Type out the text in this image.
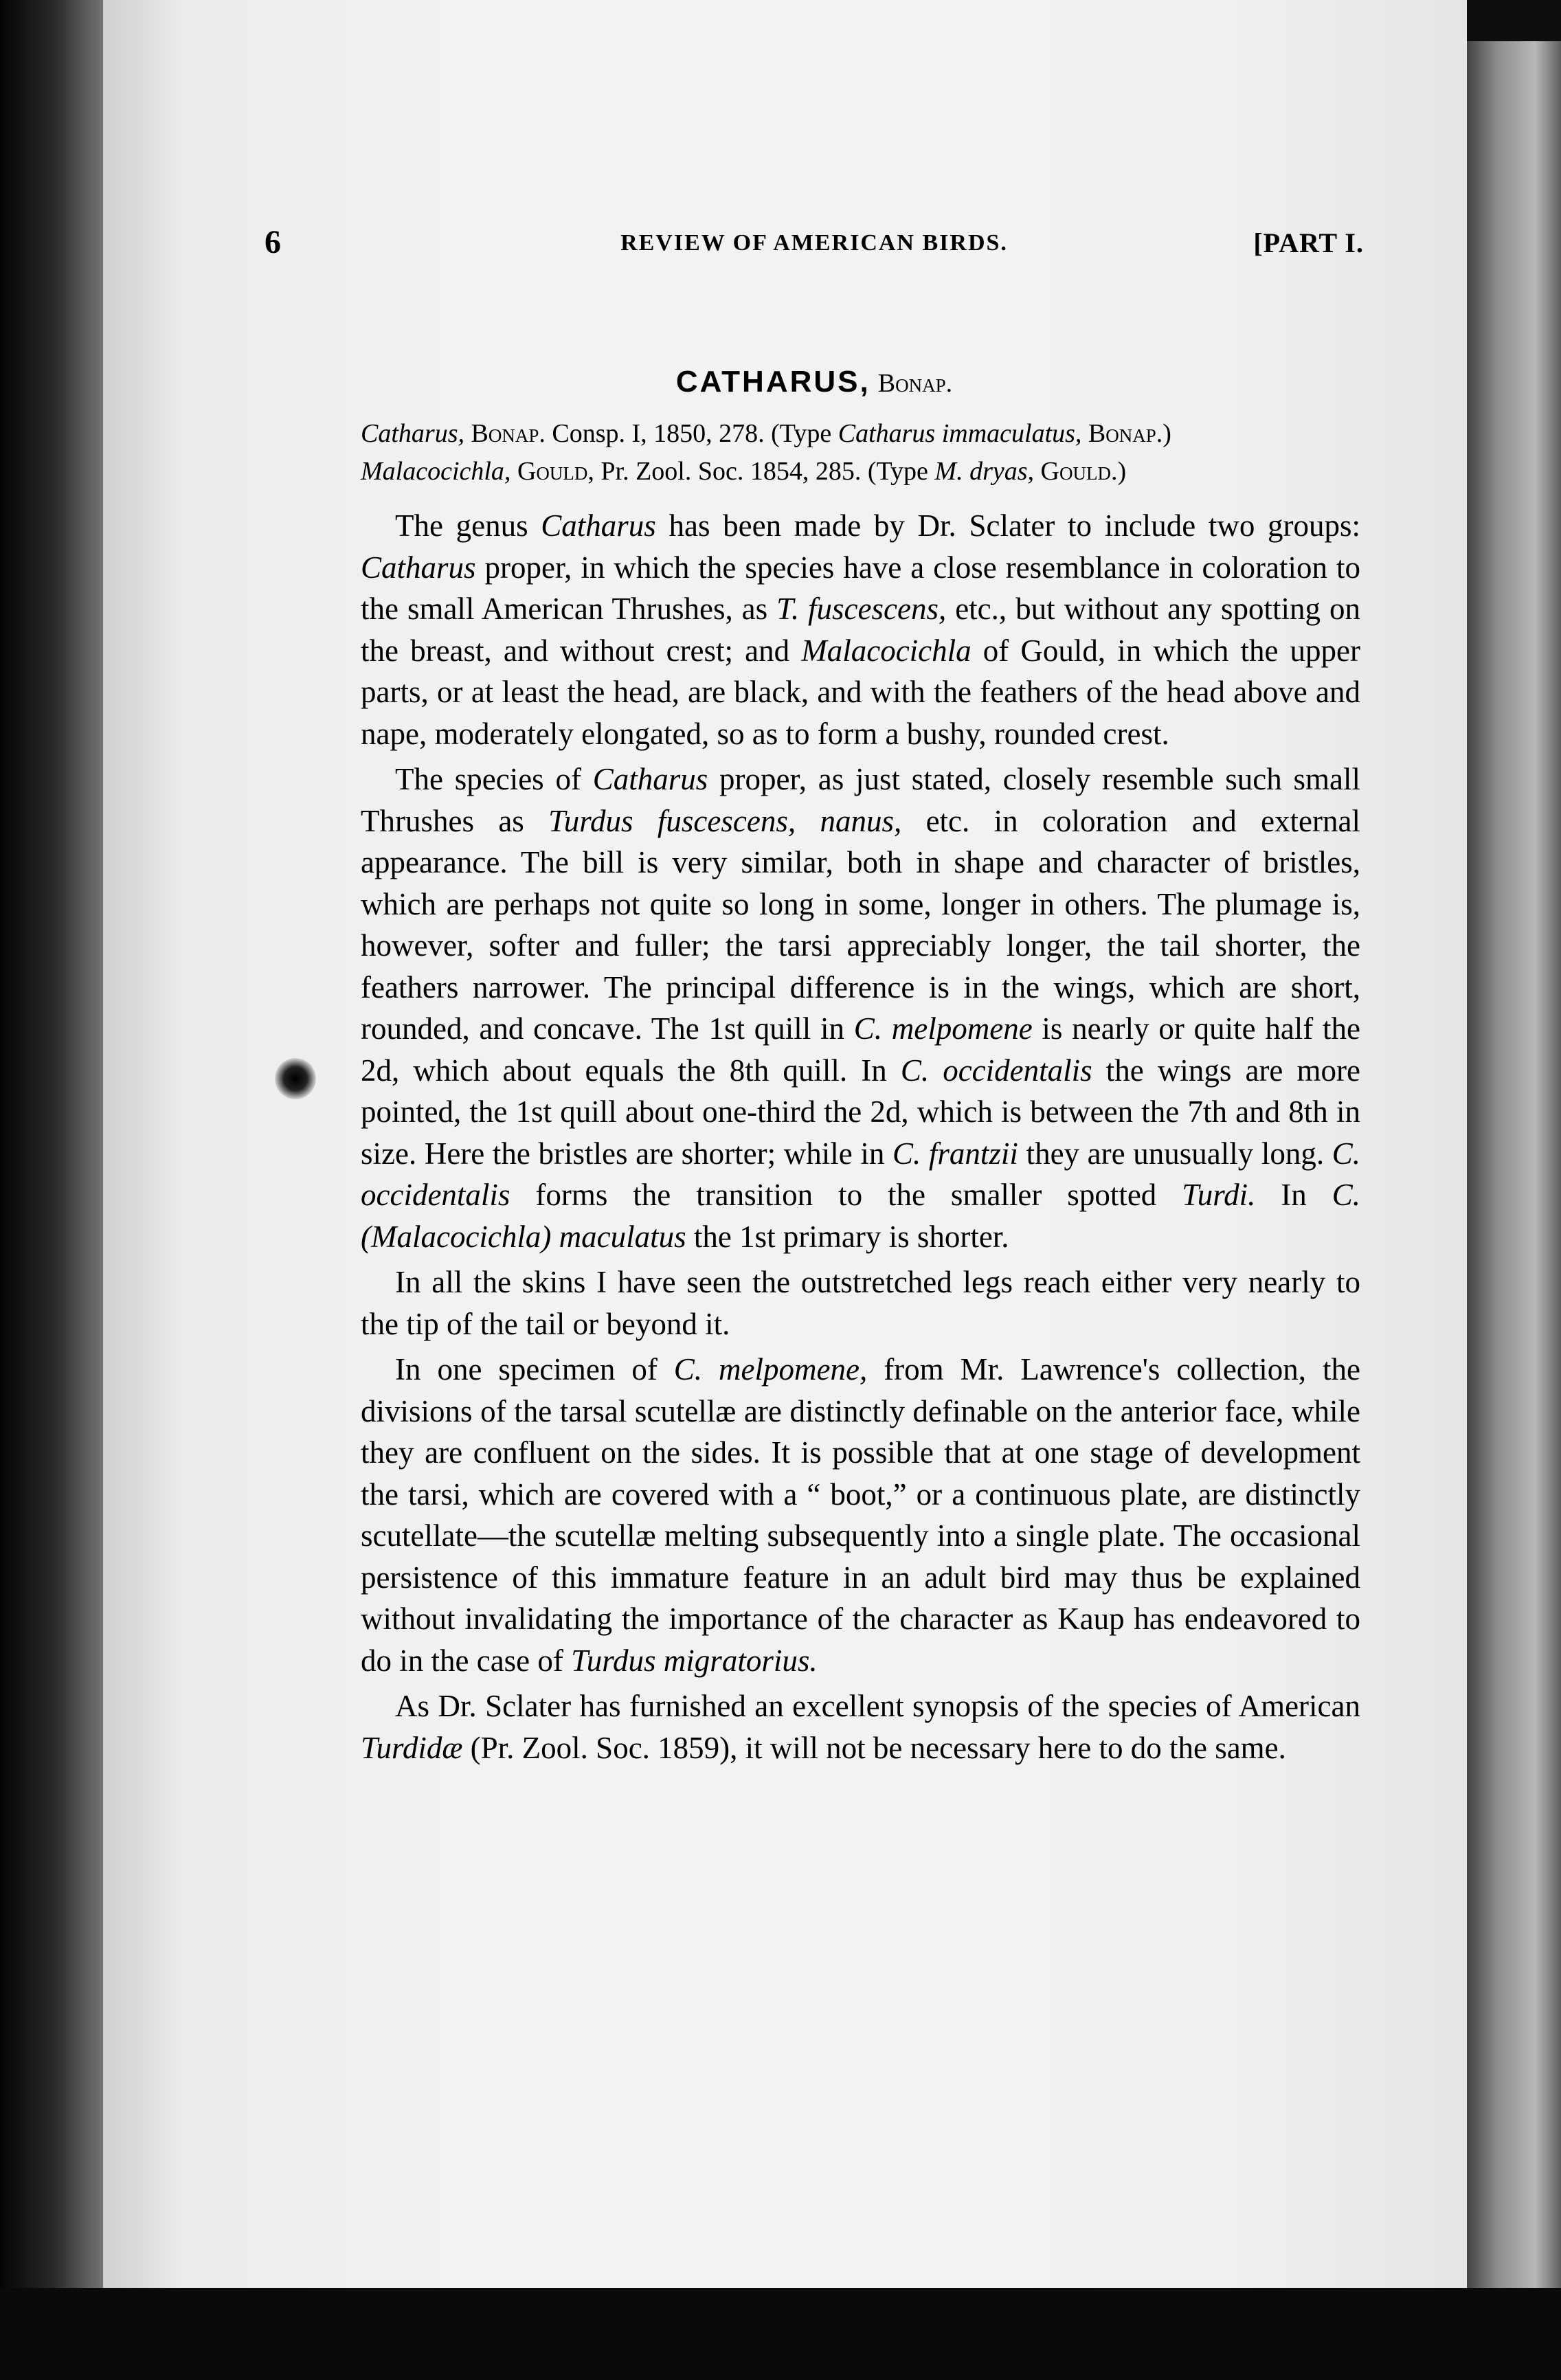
6	REVIEW OF AMERICAN BIRDS.	[PART I.
CATHARUS, Bonap.
Catharus, Bonap. Consp. I, 1850, 278. (Type Catharus immaculatus, Bonap.)
Malacocichla, Gould, Pr. Zool. Soc. 1854, 285. (Type M. dryas, Gould.)

The genus Catharus has been made by Dr. Sclater to include two groups: Catharus proper, in which the species have a close resemblance in coloration to the small American Thrushes, as T. fuscescens, etc., but without any spotting on the breast, and without crest; and Malacocichla of Gould, in which the upper parts, or at least the head, are black, and with the feathers of the head above and nape, moderately elongated, so as to form a bushy, rounded crest.

The species of Catharus proper, as just stated, closely resemble such small Thrushes as Turdus fuscescens, nanus, etc. in coloration and external appearance. The bill is very similar, both in shape and character of bristles, which are perhaps not quite so long in some, longer in others. The plumage is, however, softer and fuller; the tarsi appreciably longer, the tail shorter, the feathers narrower. The principal difference is in the wings, which are short, rounded, and concave. The 1st quill in C. melpomene is nearly or quite half the 2d, which about equals the 8th quill. In C. occidentalis the wings are more pointed, the 1st quill about one-third the 2d, which is between the 7th and 8th in size. Here the bristles are shorter; while in C. frantzii they are unusually long. C. occidentalis forms the transition to the smaller spotted Turdi. In C. (Malacocichla) maculatus the 1st primary is shorter.

In all the skins I have seen the outstretched legs reach either very nearly to the tip of the tail or beyond it.

In one specimen of C. melpomene, from Mr. Lawrence's collection, the divisions of the tarsal scutellæ are distinctly definable on the anterior face, while they are confluent on the sides. It is possible that at one stage of development the tarsi, which are covered with a “ boot,” or a continuous plate, are distinctly scutellate—the scutellæ melting subsequently into a single plate. The occasional persistence of this immature feature in an adult bird may thus be explained without invalidating the importance of the character as Kaup has endeavored to do in the case of Turdus migratorius.

As Dr. Sclater has furnished an excellent synopsis of the species of American Turdidæ (Pr. Zool. Soc. 1859), it will not be necessary here to do the same.
